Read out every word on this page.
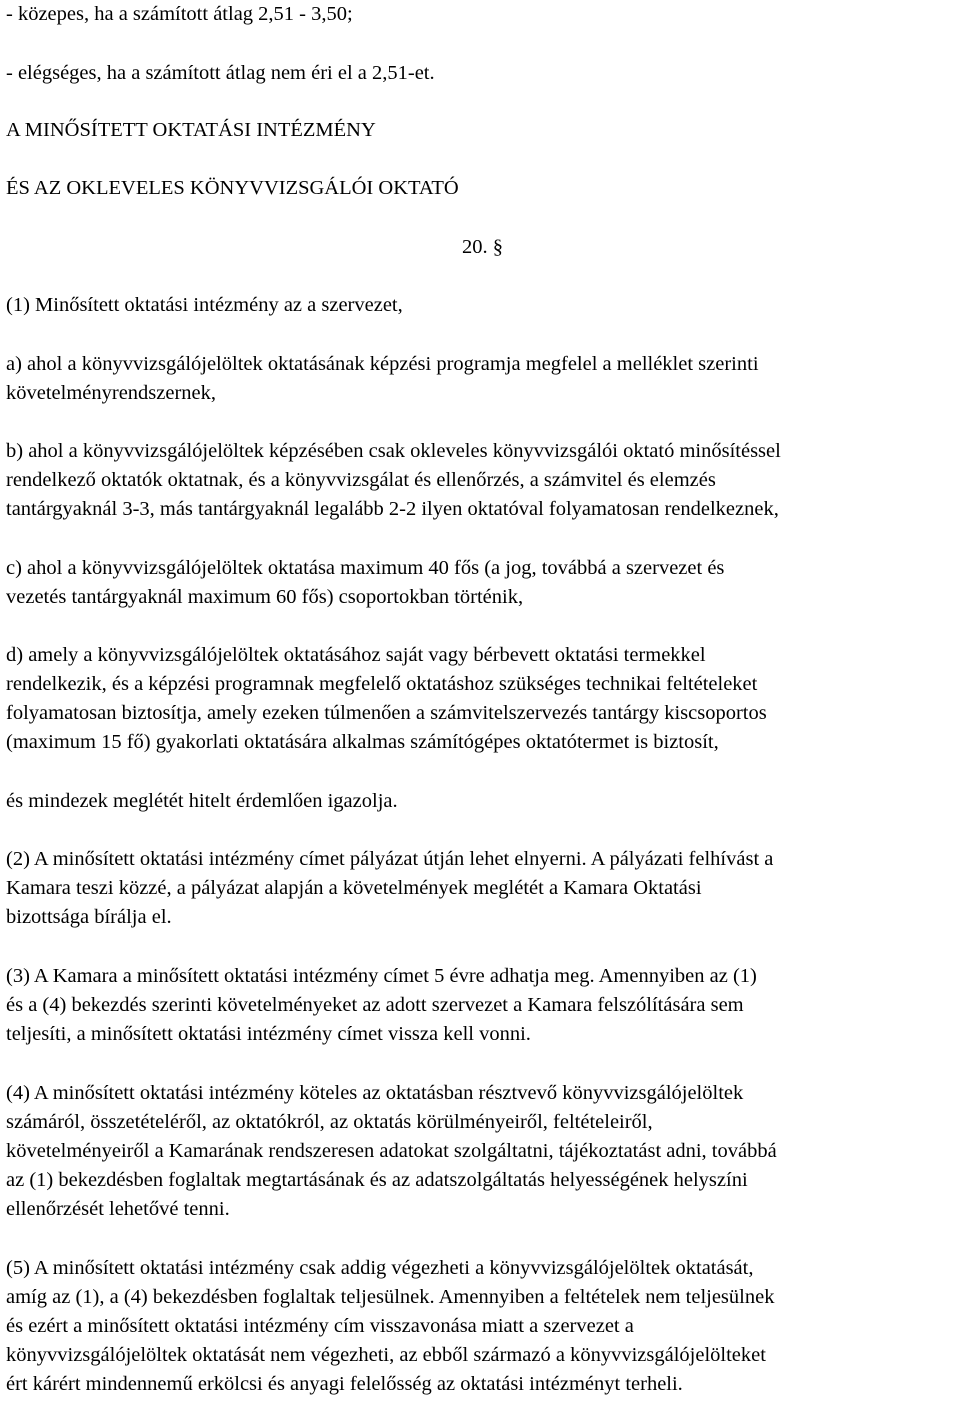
- közepes, ha a számított átlag 2,51 - 3,50;
- elégséges, ha a számított átlag nem éri el a 2,51-et.
A MINŐSÍTETT OKTATÁSI INTÉZMÉNY
ÉS AZ OKLEVELES KÖNYVVIZSGÁLÓI OKTATÓ
20. §
(1) Minősített oktatási intézmény az a szervezet,
a) ahol a könyvvizsgálójelöltek oktatásának képzési programja megfelel a melléklet szerinti
követelményrendszernek,
b) ahol a könyvvizsgálójelöltek képzésében csak okleveles könyvvizsgálói oktató minősítéssel
rendelkező oktatók oktatnak, és a könyvvizsgálat és ellenőrzés, a számvitel és elemzés
tantárgyaknál 3-3, más tantárgyaknál legalább 2-2 ilyen oktatóval folyamatosan rendelkeznek,
c) ahol a könyvvizsgálójelöltek oktatása maximum 40 fős (a jog, továbbá a szervezet és
vezetés tantárgyaknál maximum 60 fős) csoportokban történik,
d) amely a könyvvizsgálójelöltek oktatásához saját vagy bérbevett oktatási termekkel
rendelkezik, és a képzési programnak megfelelő oktatáshoz szükséges technikai feltételeket
folyamatosan biztosítja, amely ezeken túlmenően a számvitelszervezés tantárgy kiscsoportos
(maximum 15 fő) gyakorlati oktatására alkalmas számítógépes oktatótermet is biztosít,
és mindezek meglétét hitelt érdemlően igazolja.
(2) A minősített oktatási intézmény címet pályázat útján lehet elnyerni. A pályázati felhívást a
Kamara teszi közzé, a pályázat alapján a követelmények meglétét a Kamara Oktatási
bizottsága bírálja el.
(3) A Kamara a minősített oktatási intézmény címet 5 évre adhatja meg. Amennyiben az (1)
és a (4) bekezdés szerinti követelményeket az adott szervezet a Kamara felszólítására sem
teljesíti, a minősített oktatási intézmény címet vissza kell vonni.
(4) A minősített oktatási intézmény köteles az oktatásban résztvevő könyvvizsgálójelöltek
számáról, összetételéről, az oktatókról, az oktatás körülményeiről, feltételeiről,
követelményeiről a Kamarának rendszeresen adatokat szolgáltatni, tájékoztatást adni, továbbá
az (1) bekezdésben foglaltak megtartásának és az adatszolgáltatás helyességének helyszíni
ellenőrzését lehetővé tenni.
(5) A minősített oktatási intézmény csak addig végezheti a könyvvizsgálójelöltek oktatását,
amíg az (1), a (4) bekezdésben foglaltak teljesülnek. Amennyiben a feltételek nem teljesülnek
és ezért a minősített oktatási intézmény cím visszavonása miatt a szervezet a
könyvvizsgálójelöltek oktatását nem végezheti, az ebből származó a könyvvizsgálójelölteket
ért kárért mindennemű erkölcsi és anyagi felelősség az oktatási intézményt terheli.
